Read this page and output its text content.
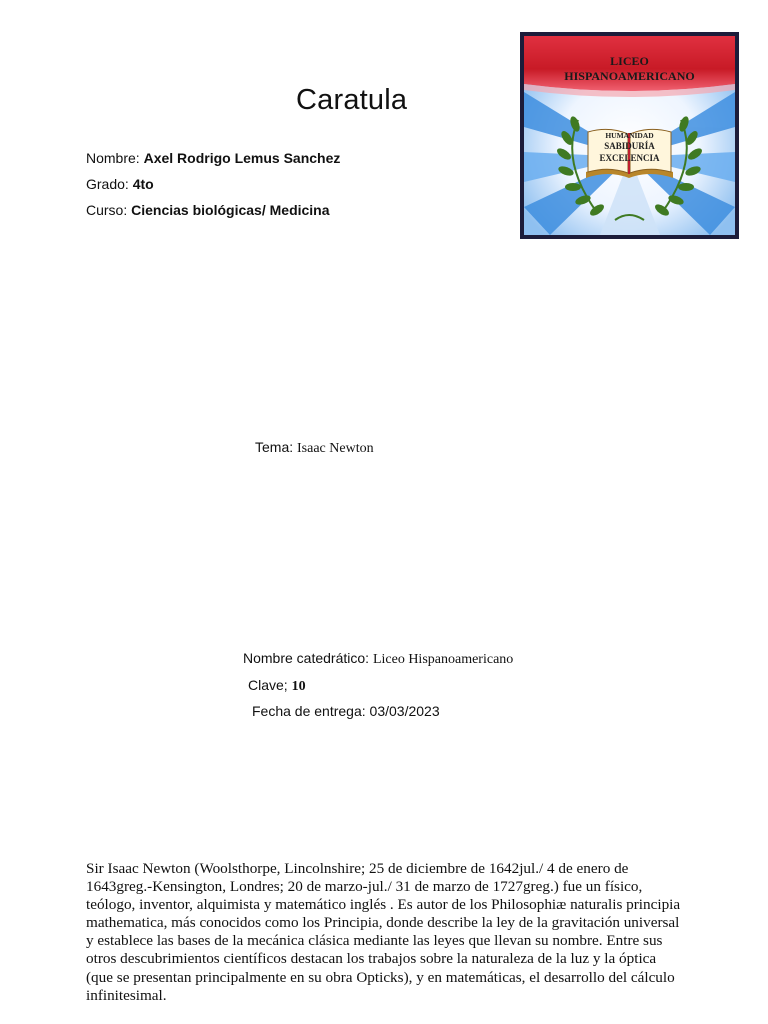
Caratula
Nombre: Axel Rodrigo Lemus Sanchez
Grado: 4to
Curso: Ciencias biológicas/ Medicina
LICEO
HISPANOAMERICANO
HUMANIDAD
SABIDURÍA
EXCELENCIA
Tema: Isaac Newton
Nombre catedrático: Liceo Hispanoamericano
Clave; 10
Fecha de entrega: 03/03/2023

Sir Isaac Newton (Woolsthorpe, Lincolnshire; 25 de diciembre de 1642jul./ 4 de enero de 1643greg.-Kensington, Londres; 20 de marzo-jul./ 31 de marzo de 1727greg.) fue un físico, teólogo, inventor, alquimista y matemático inglés . Es autor de los Philosophiæ naturalis principia mathematica, más conocidos como los Principia, donde describe la ley de la gravitación universal y establece las bases de la mecánica clásica mediante las leyes que llevan su nombre. Entre sus otros descubrimientos científicos destacan los trabajos sobre la naturaleza de la luz y la óptica (que se presentan principalmente en su obra Opticks), y en matemáticas, el desarrollo del cálculo infinitesimal.
